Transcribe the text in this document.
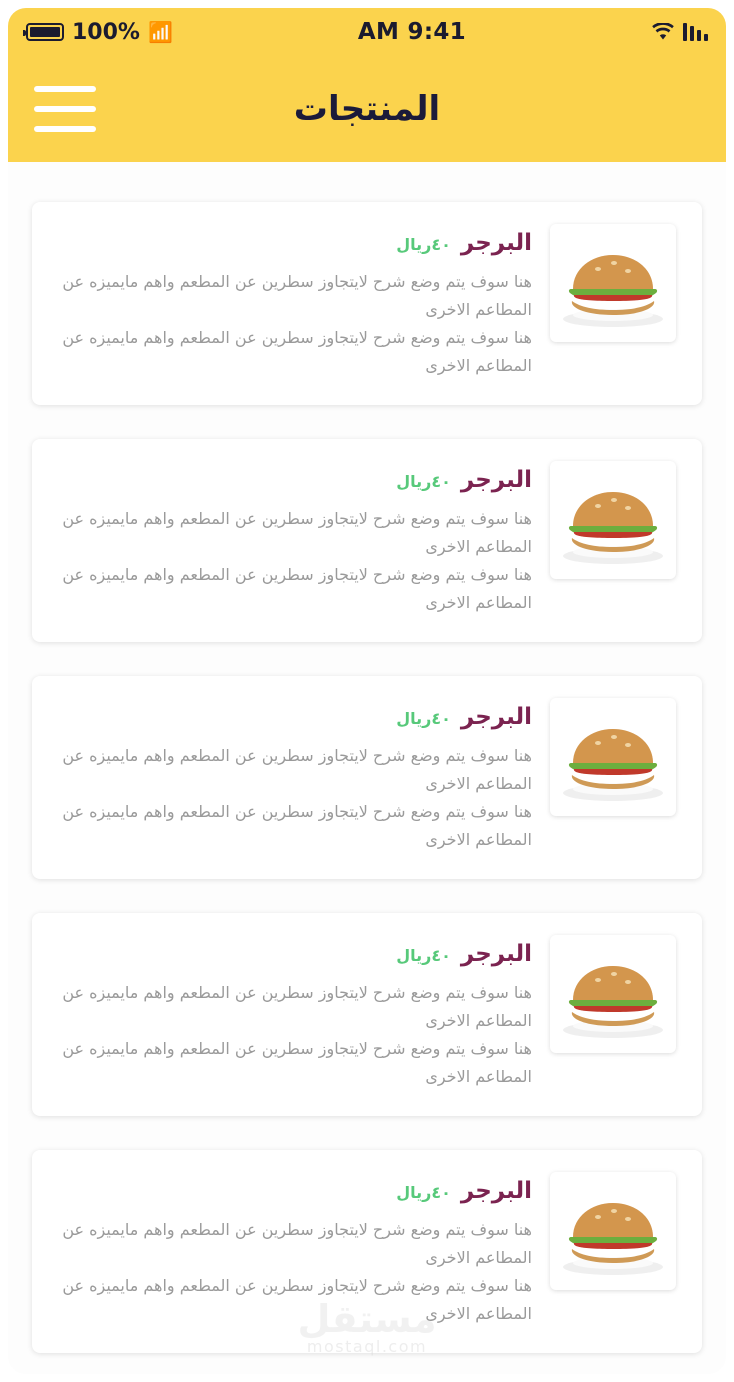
9:41 AM
📶
100%
المنتجات
البرجر
٤٠ريال
هنا سوف يتم وضع شرح لايتجاوز سطرين عن المطعم واهم مايميزه عن المطاعم الاخرى
هنا سوف يتم وضع شرح لايتجاوز سطرين عن المطعم واهم مايميزه عن المطاعم الاخرى
البرجر
٤٠ريال
هنا سوف يتم وضع شرح لايتجاوز سطرين عن المطعم واهم مايميزه عن المطاعم الاخرى
هنا سوف يتم وضع شرح لايتجاوز سطرين عن المطعم واهم مايميزه عن المطاعم الاخرى
البرجر
٤٠ريال
هنا سوف يتم وضع شرح لايتجاوز سطرين عن المطعم واهم مايميزه عن المطاعم الاخرى
هنا سوف يتم وضع شرح لايتجاوز سطرين عن المطعم واهم مايميزه عن المطاعم الاخرى
البرجر
٤٠ريال
هنا سوف يتم وضع شرح لايتجاوز سطرين عن المطعم واهم مايميزه عن المطاعم الاخرى
هنا سوف يتم وضع شرح لايتجاوز سطرين عن المطعم واهم مايميزه عن المطاعم الاخرى
البرجر
٤٠ريال
هنا سوف يتم وضع شرح لايتجاوز سطرين عن المطعم واهم مايميزه عن المطاعم الاخرى
هنا سوف يتم وضع شرح لايتجاوز سطرين عن المطعم واهم مايميزه عن المطاعم الاخرى
مستقل
mostaql.com
